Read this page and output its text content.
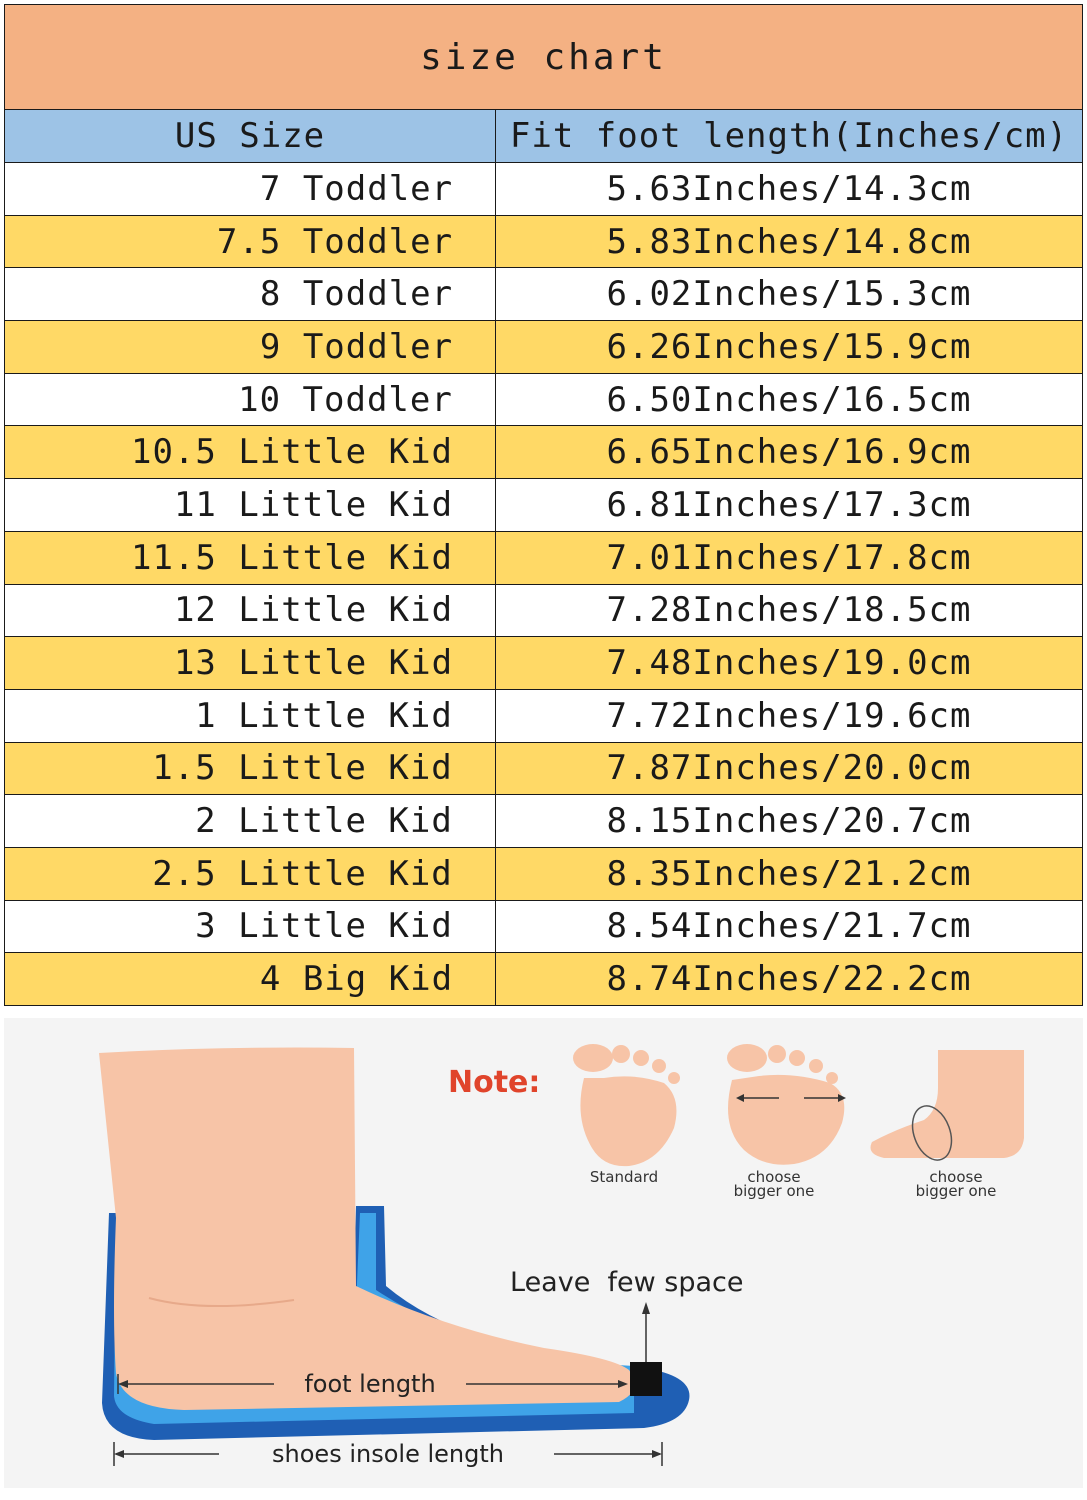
size chart	
US Size	Fit foot length(Inches/cm)
7 Toddler	5.63Inches/14.3cm
7.5 Toddler	5.83Inches/14.8cm
8 Toddler	6.02Inches/15.3cm
9 Toddler	6.26Inches/15.9cm
10 Toddler	6.50Inches/16.5cm
10.5 Little Kid	6.65Inches/16.9cm
11 Little Kid	6.81Inches/17.3cm
11.5 Little Kid	7.01Inches/17.8cm
12 Little Kid	7.28Inches/18.5cm
13 Little Kid	7.48Inches/19.0cm
1 Little Kid	7.72Inches/19.6cm
1.5 Little Kid	7.87Inches/20.0cm
2 Little Kid	8.15Inches/20.7cm
2.5 Little Kid	8.35Inches/21.2cm
3 Little Kid	8.54Inches/21.7cm
4 Big Kid	8.74Inches/22.2cm
Note:
Standard	choose
bigger one
choose
bigger one
Leave  few space
foot length
shoes insole length
